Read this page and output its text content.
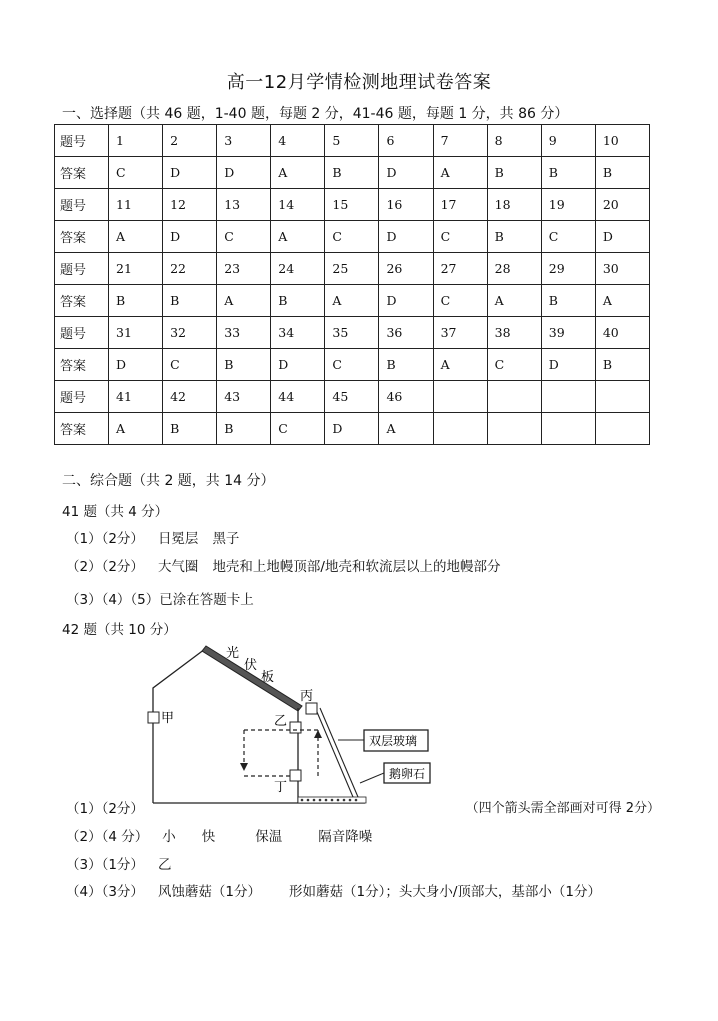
高一12月学情检测地理试卷答案
一、选择题（共 46 题，1-40 题，每题 2 分，41-46 题，每题 1 分，共 86 分）
题号	1	2	3	4	5	6	7	8	9	10
答案	C	D	D	A	B	D	A	B	B	B
题号	11	12	13	14	15	16	17	18	19	20
答案	A	D	C	A	C	D	C	B	C	D
题号	21	22	23	24	25	26	27	28	29	30
答案	B	B	A	B	A	D	C	A	B	A
题号	31	32	33	34	35	36	37	38	39	40
答案	D	C	B	D	C	B	A	C	D	B
题号	41	42	43	44	45	46				
答案	A	B	B	C	D	A				
二、综合题（共 2 题，共 14 分）
41 题（共 4 分）
（1）（2分） 日冕层 黑子
（2）（2分） 大气圈 地壳和上地幔顶部/地壳和软流层以上的地幔部分
（3）（4）（5）已涂在答题卡上
42 题（共 10 分）
光
伏
板
丙
甲	乙
丁
双层玻璃
鹅卵石
（1）（2分）	（四个箭头需全部画对可得 2分）
（2）（4 分） 小 快	保温	隔音降噪
（3）（1分） 乙
（4）（3分） 风蚀蘑菇（1分） 形如蘑菇（1分）；头大身小/顶部大，基部小（1分）
